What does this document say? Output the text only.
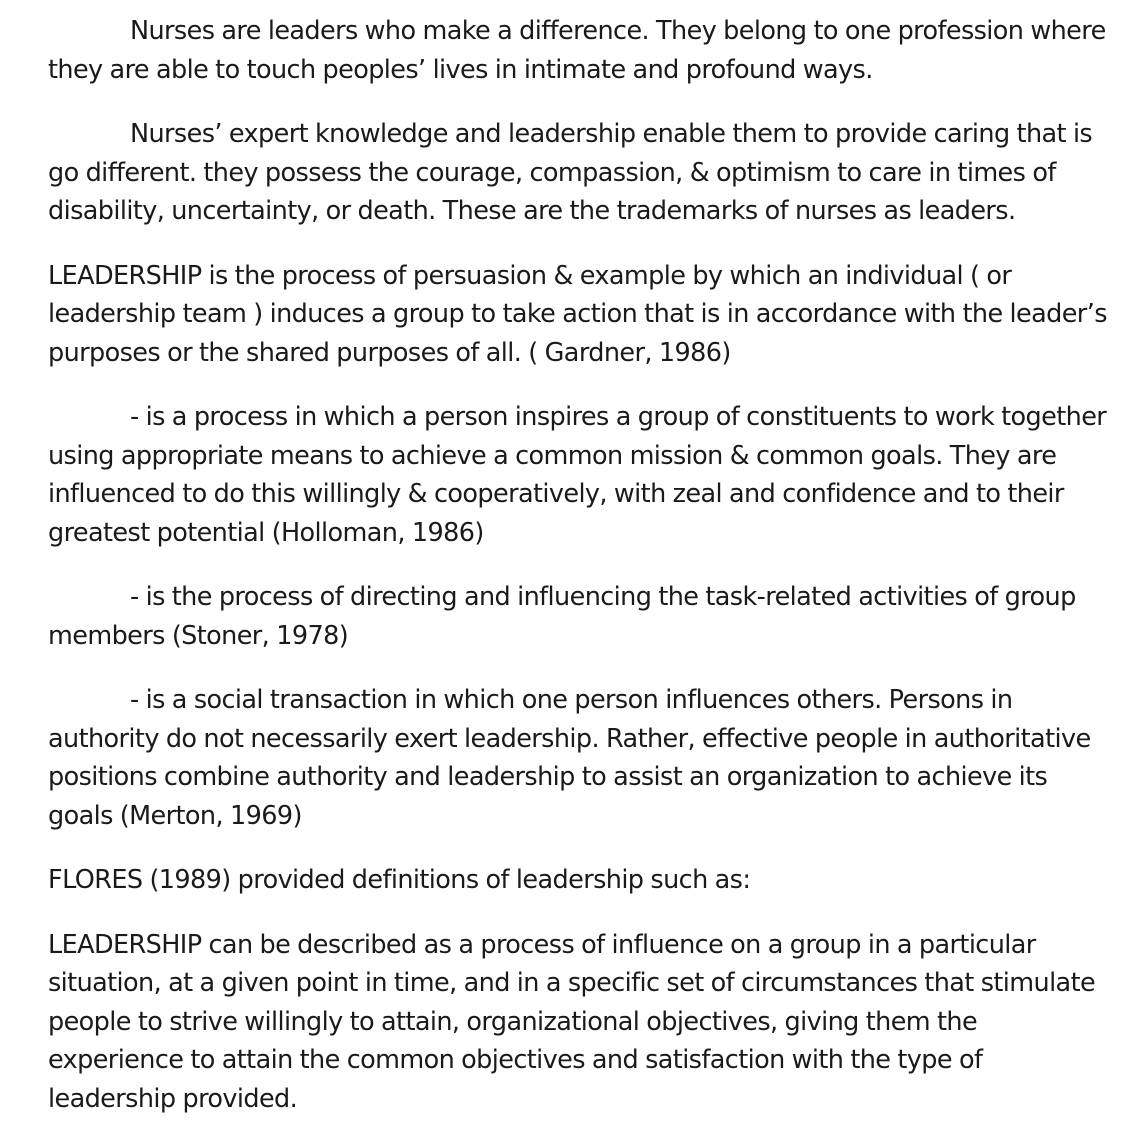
Nurses are leaders who make a difference. They belong to one profession where they are able to touch peoples’ lives in intimate and profound ways.

Nurses’ expert knowledge and leadership enable them to provide caring that is go different. they possess the courage, compassion, & optimism to care in times of disability, uncertainty, or death. These are the trademarks of nurses as leaders.

LEADERSHIP is the process of persuasion & example by which an individual ( or leadership team ) induces a group to take action that is in accordance with the leader’s purposes or the shared purposes of all. ( Gardner, 1986)

- is a process in which a person inspires a group of constituents to work together using appropriate means to achieve a common mission & common goals. They are influenced to do this willingly & cooperatively, with zeal and confidence and to their greatest potential (Holloman, 1986)

- is the process of directing and influencing the task-related activities of group members (Stoner, 1978)

- is a social transaction in which one person influences others. Persons in authority do not necessarily exert leadership. Rather, effective people in authoritative positions combine authority and leadership to assist an organization to achieve its goals (Merton, 1969)

FLORES (1989) provided definitions of leadership such as:

LEADERSHIP can be described as a process of influence on a group in a particular situation, at a given point in time, and in a specific set of circumstances that stimulate people to strive willingly to attain, organizational objectives, giving them the experience to attain the common objectives and satisfaction with the type of leadership provided.
